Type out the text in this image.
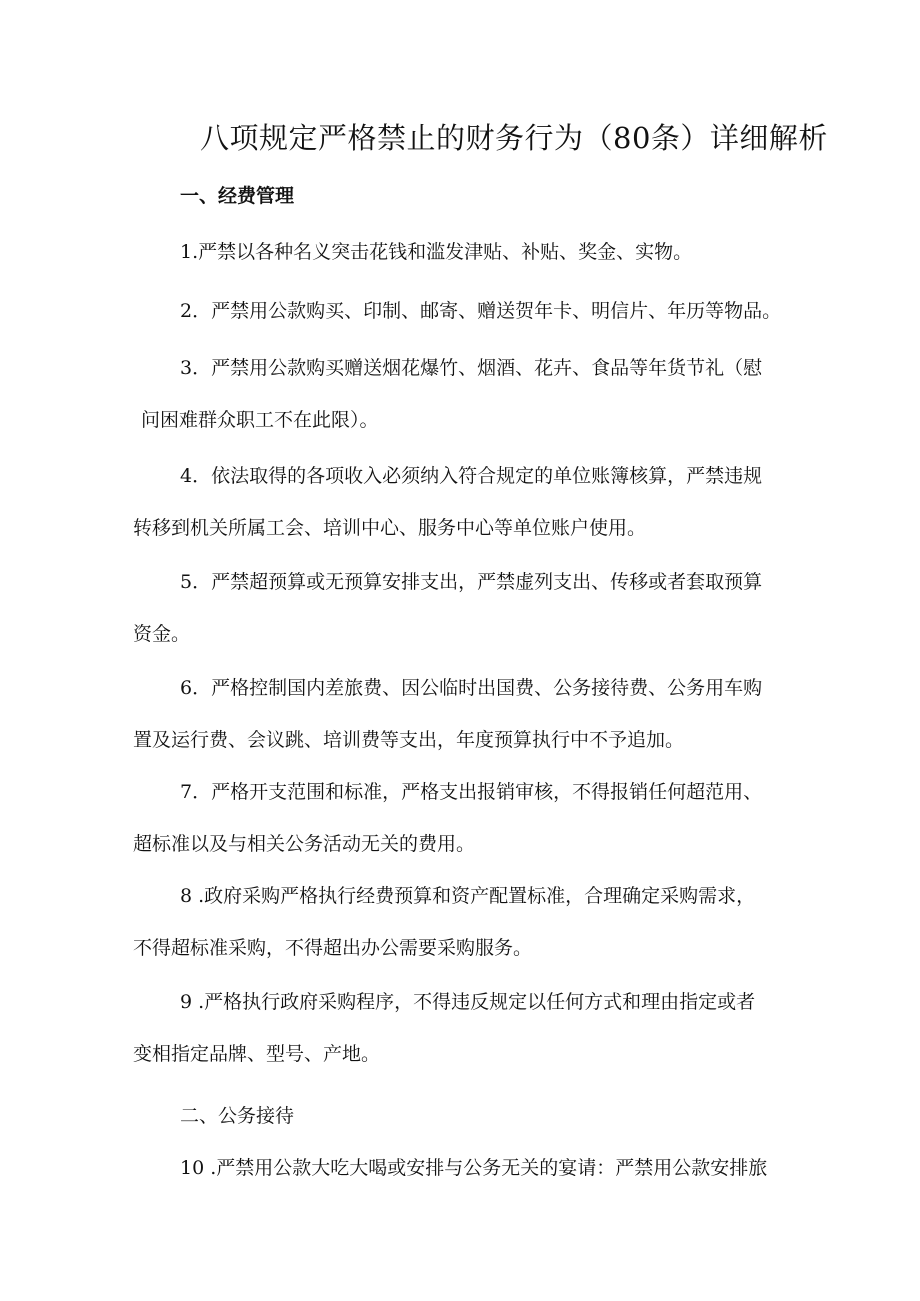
八项规定严格禁止的财务行为（80条）详细解析
一、经费管理

1.严禁以各种名义突击花钱和滥发津贴、补贴、奖金、实物。

2．严禁用公款购买、印制、邮寄、赠送贺年卡、明信片、年历等物品。

3．严禁用公款购买赠送烟花爆竹、烟酒、花卉、食品等年货节礼（慰
问困难群众职工不在此限）。

4．依法取得的各项收入必须纳入符合规定的单位账簿核算，严禁违规
转移到机关所属工会、培训中心、服务中心等单位账户使用。

5．严禁超预算或无预算安排支出，严禁虚列支出、传移或者套取预算
资金。

6．严格控制国内差旅费、因公临时出国费、公务接待费、公务用车购
置及运行费、会议跳、培训费等支出，年度预算执行中不予追加。

7．严格开支范围和标准，严格支出报销审核，不得报销任何超范用、
超标准以及与相关公务活动无关的费用。

8 .政府采购严格执行经费预算和资产配置标准，合理确定采购需求，
不得超标准采购，不得超出办公需要采购服务。

9 .严格执行政府采购程序，不得违反规定以任何方式和理由指定或者
变相指定品牌、型号、产地。

二、公务接待

10 .严禁用公款大吃大喝或安排与公务无关的宴请：严禁用公款安排旅
